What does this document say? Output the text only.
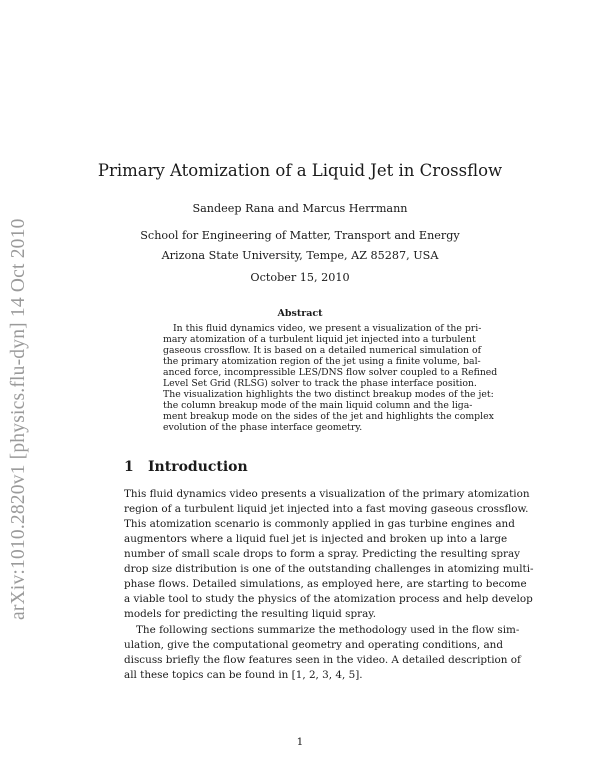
arXiv:1010.2820v1 [physics.flu-dyn] 14 Oct 2010
Primary Atomization of a Liquid Jet in Crossflow
Sandeep Rana and Marcus Herrmann
School for Engineering of Matter, Transport and Energy
Arizona State University, Tempe, AZ 85287, USA
October 15, 2010
Abstract
In this fluid dynamics video, we present a visualization of the pri-
mary atomization of a turbulent liquid jet injected into a turbulent
gaseous crossflow. It is based on a detailed numerical simulation of
the primary atomization region of the jet using a finite volume, bal-
anced force, incompressible LES/DNS flow solver coupled to a Refined
Level Set Grid (RLSG) solver to track the phase interface position.
The visualization highlights the two distinct breakup modes of the jet:
the column breakup mode of the main liquid column and the liga-
ment breakup mode on the sides of the jet and highlights the complex
evolution of the phase interface geometry.
1 Introduction
This fluid dynamics video presents a visualization of the primary atomization
region of a turbulent liquid jet injected into a fast moving gaseous crossflow.
This atomization scenario is commonly applied in gas turbine engines and
augmentors where a liquid fuel jet is injected and broken up into a large
number of small scale drops to form a spray. Predicting the resulting spray
drop size distribution is one of the outstanding challenges in atomizing multi-
phase flows. Detailed simulations, as employed here, are starting to become
a viable tool to study the physics of the atomization process and help develop
models for predicting the resulting liquid spray.
The following sections summarize the methodology used in the flow sim-
ulation, give the computational geometry and operating conditions, and
discuss briefly the flow features seen in the video. A detailed description of
all these topics can be found in [1, 2, 3, 4, 5].
1
